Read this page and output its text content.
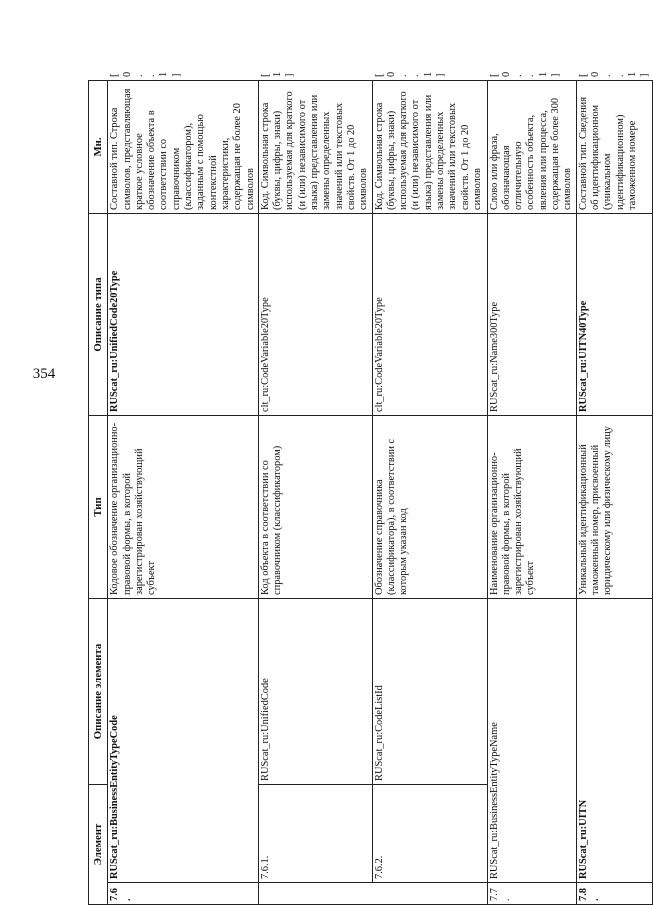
354
Элемент		Описание элемента	Тип	Описание типа	Мн.	
7.6.	RUScat_ru:BusinessEntityTypeCode		Кодовое обозначение организационно-правовой формы, в которой зарегистрирован хозяйствующий субъект	RUScat_ru:UnifiedCode20Type	Составной тип. Строка символов, представляющая краткое условное обозначение объекта в соответствии со справочником (классификатором), заданным с помощью контекстной характеристики, содержащая не более 20 символов	[0..1]
	7.6.1.	RUScat_ru:UnifiedCode	Код объекта в соответствии со справочником (классификатором)	clt_ru:CodeVariable20Type	Код. Символьная строка (буквы, цифры, знаки) используемая для краткого (и (или) независимого от языка) представления или замены определенных значений или текстовых свойств. От 1 до 20 символов	[1]
	7.6.2.	RUScat_ru:CodeListId	Обозначение справочника (классификатора), в соответствии с которым указан код	clt_ru:CodeVariable20Type	Код. Символьная строка (буквы, цифры, знаки) используемая для краткого (и (или) независимого от языка) представления или замены определенных значений или текстовых свойств. От 1 до 20 символов	[0..1]
7.7.	RUScat_ru:BusinessEntityTypeName		Наименование организационно-правовой формы, в которой зарегистрирован хозяйствующий субъект	RUScat_ru:Name300Type	Слово или фраза, обозначающая отличительную особенность объекта, явления или процесса, содержащая не более 300 символов	[0..1]
7.8.	RUScat_ru:UITN		Уникальный идентификационный таможенный номер, присвоенный юридическому или физическому лицу	RUScat_ru:UITN40Type	Составной тип. Сведения об идентификационном (уникальном идентификационном) таможенном номере	[0..1]
